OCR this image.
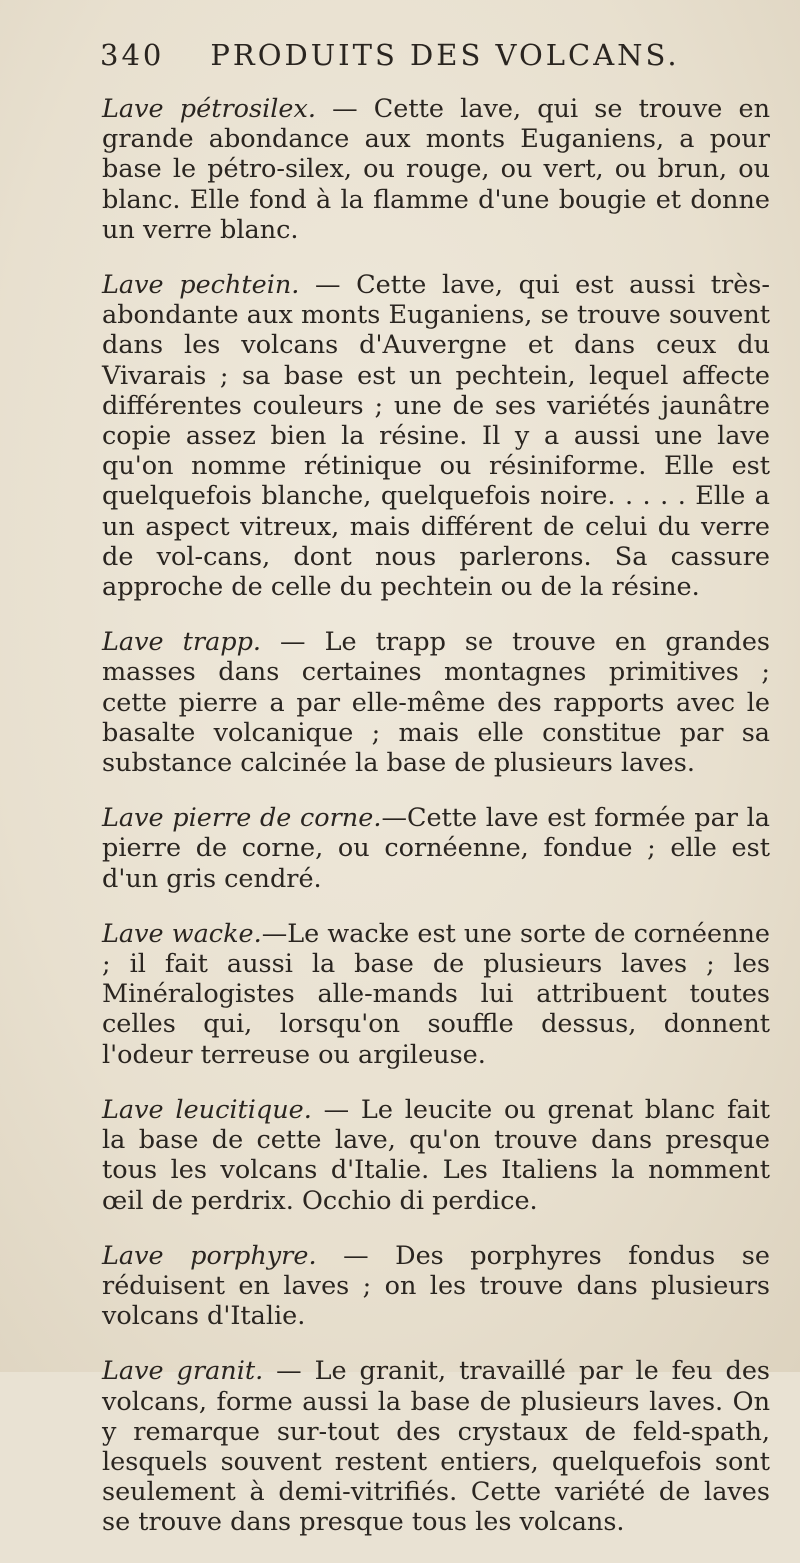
340 PRODUITS DES VOLCANS.

Lave pétrosilex. — Cette lave, qui se trouve en grande abondance aux monts Euganiens, a pour base le pétro-silex, ou rouge, ou vert, ou brun, ou blanc. Elle fond à la flamme d'une bougie et donne un verre blanc.

Lave pechtein. — Cette lave, qui est aussi très-abondante aux monts Euganiens, se trouve souvent dans les volcans d'Auvergne et dans ceux du Vivarais ; sa base est un pechtein, lequel affecte différentes couleurs ; une de ses variétés jaunâtre copie assez bien la résine. Il y a aussi une lave qu'on nomme rétinique ou résiniforme. Elle est quelquefois blanche, quelquefois noire. . . . . Elle a un aspect vitreux, mais différent de celui du verre de vol-cans, dont nous parlerons. Sa cassure approche de celle du pechtein ou de la résine.

Lave trapp. — Le trapp se trouve en grandes masses dans certaines montagnes primitives ; cette pierre a par elle-même des rapports avec le basalte volcanique ; mais elle constitue par sa substance calcinée la base de plusieurs laves.

Lave pierre de corne.—Cette lave est formée par la pierre de corne, ou cornéenne, fondue ; elle est d'un gris cendré.

Lave wacke.—Le wacke est une sorte de cornéenne ; il fait aussi la base de plusieurs laves ; les Minéralogistes alle-mands lui attribuent toutes celles qui, lorsqu'on souffle dessus, donnent l'odeur terreuse ou argileuse.

Lave leucitique. — Le leucite ou grenat blanc fait la base de cette lave, qu'on trouve dans presque tous les volcans d'Italie. Les Italiens la nomment œil de perdrix. Occhio di perdice.

Lave porphyre. — Des porphyres fondus se réduisent en laves ; on les trouve dans plusieurs volcans d'Italie.

Lave granit. — Le granit, travaillé par le feu des volcans, forme aussi la base de plusieurs laves. On y remarque sur-tout des crystaux de feld-spath, lesquels souvent restent entiers, quelquefois sont seulement à demi-vitrifiés. Cette variété de laves se trouve dans presque tous les volcans.
